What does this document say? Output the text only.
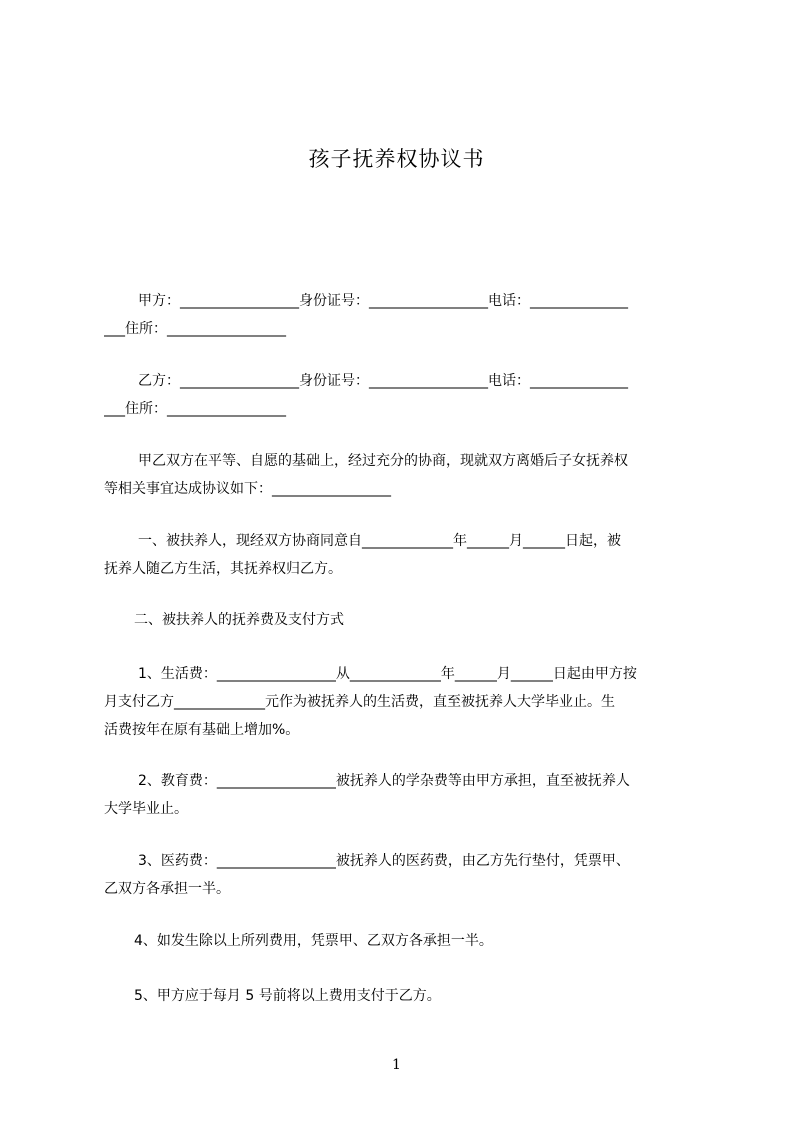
孩子抚养权协议书
甲方：_________________身份证号：_________________电话：______________
___住所：_________________
乙方：_________________身份证号：_________________电话：______________
___住所：_________________
甲乙双方在平等、自愿的基础上，经过充分的协商，现就双方离婚后子女抚养权
等相关事宜达成协议如下：_________________
一、被扶养人，现经双方协商同意自_____________年______月______日起，被
抚养人随乙方生活，其抚养权归乙方。
二、被扶养人的抚养费及支付方式
1、生活费：_________________从_____________年______月______日起由甲方按
月支付乙方_____________元作为被抚养人的生活费，直至被抚养人大学毕业止。生
活费按年在原有基础上增加%。
2、教育费：_________________被抚养人的学杂费等由甲方承担，直至被抚养人
大学毕业止。
3、医药费：_________________被抚养人的医药费，由乙方先行垫付，凭票甲、
乙双方各承担一半。
4、如发生除以上所列费用，凭票甲、乙双方各承担一半。
5、甲方应于每月 5 号前将以上费用支付于乙方。
1
